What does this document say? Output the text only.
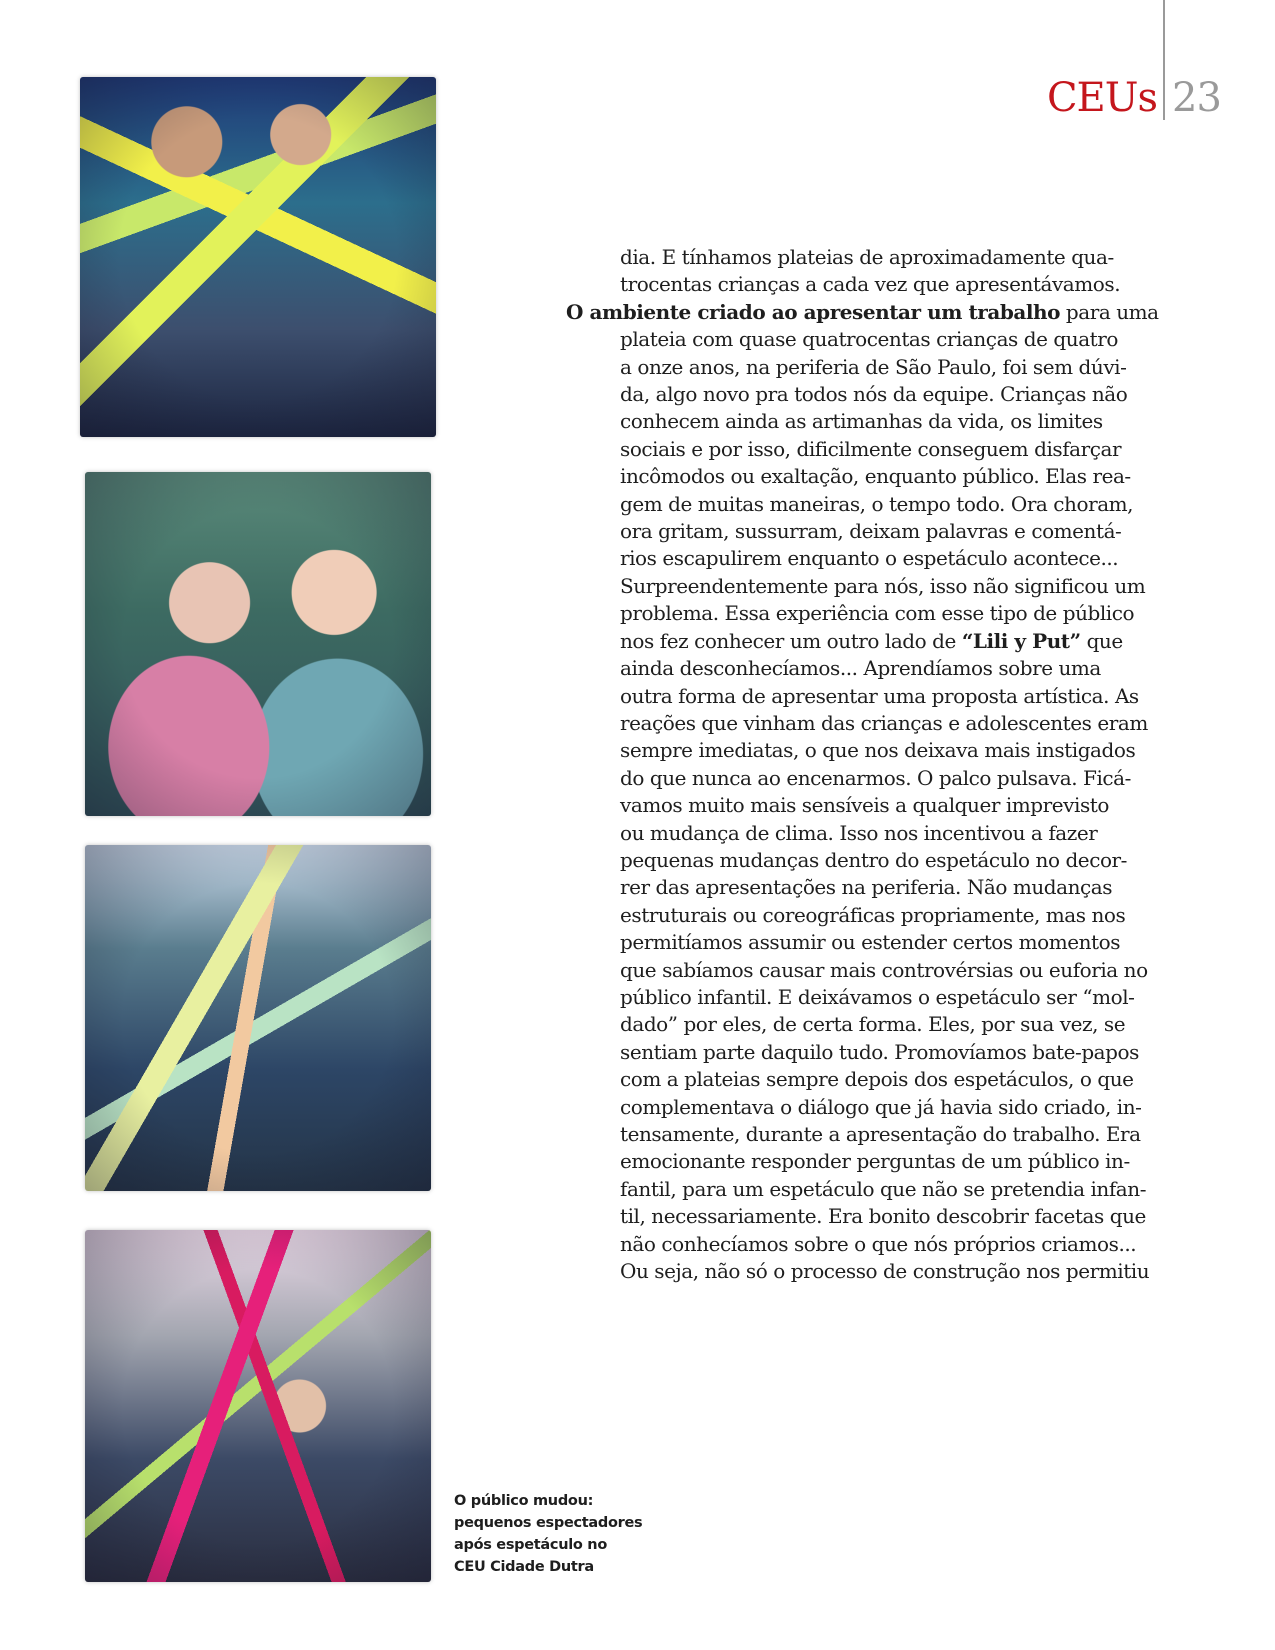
CEUs 23
O público mudou:
pequenos espectadores
após espetáculo no
CEU Cidade Dutra
dia. E tínhamos plateias de aproximadamente qua-
trocentas crianças a cada vez que apresentávamos.
O ambiente criado ao apresentar um trabalho para uma
plateia com quase quatrocentas crianças de quatro
a onze anos, na periferia de São Paulo, foi sem dúvi-
da, algo novo pra todos nós da equipe. Crianças não
conhecem ainda as artimanhas da vida, os limites
sociais e por isso, dificilmente conseguem disfarçar
incômodos ou exaltação, enquanto público. Elas rea-
gem de muitas maneiras, o tempo todo. Ora choram,
ora gritam, sussurram, deixam palavras e comentá-
rios escapulirem enquanto o espetáculo acontece...
Surpreendentemente para nós, isso não significou um
problema. Essa experiência com esse tipo de público
nos fez conhecer um outro lado de “Lili y Put” que
ainda desconhecíamos... Aprendíamos sobre uma
outra forma de apresentar uma proposta artística. As
reações que vinham das crianças e adolescentes eram
sempre imediatas, o que nos deixava mais instigados
do que nunca ao encenarmos. O palco pulsava. Ficá-
vamos muito mais sensíveis a qualquer imprevisto
ou mudança de clima. Isso nos incentivou a fazer
pequenas mudanças dentro do espetáculo no decor-
rer das apresentações na periferia. Não mudanças
estruturais ou coreográficas propriamente, mas nos
permitíamos assumir ou estender certos momentos
que sabíamos causar mais controvérsias ou euforia no
público infantil. E deixávamos o espetáculo ser “mol-
dado” por eles, de certa forma. Eles, por sua vez, se
sentiam parte daquilo tudo. Promovíamos bate-papos
com a plateias sempre depois dos espetáculos, o que
complementava o diálogo que já havia sido criado, in-
tensamente, durante a apresentação do trabalho. Era
emocionante responder perguntas de um público in-
fantil, para um espetáculo que não se pretendia infan-
til, necessariamente. Era bonito descobrir facetas que
não conhecíamos sobre o que nós próprios criamos...
Ou seja, não só o processo de construção nos permitiu
